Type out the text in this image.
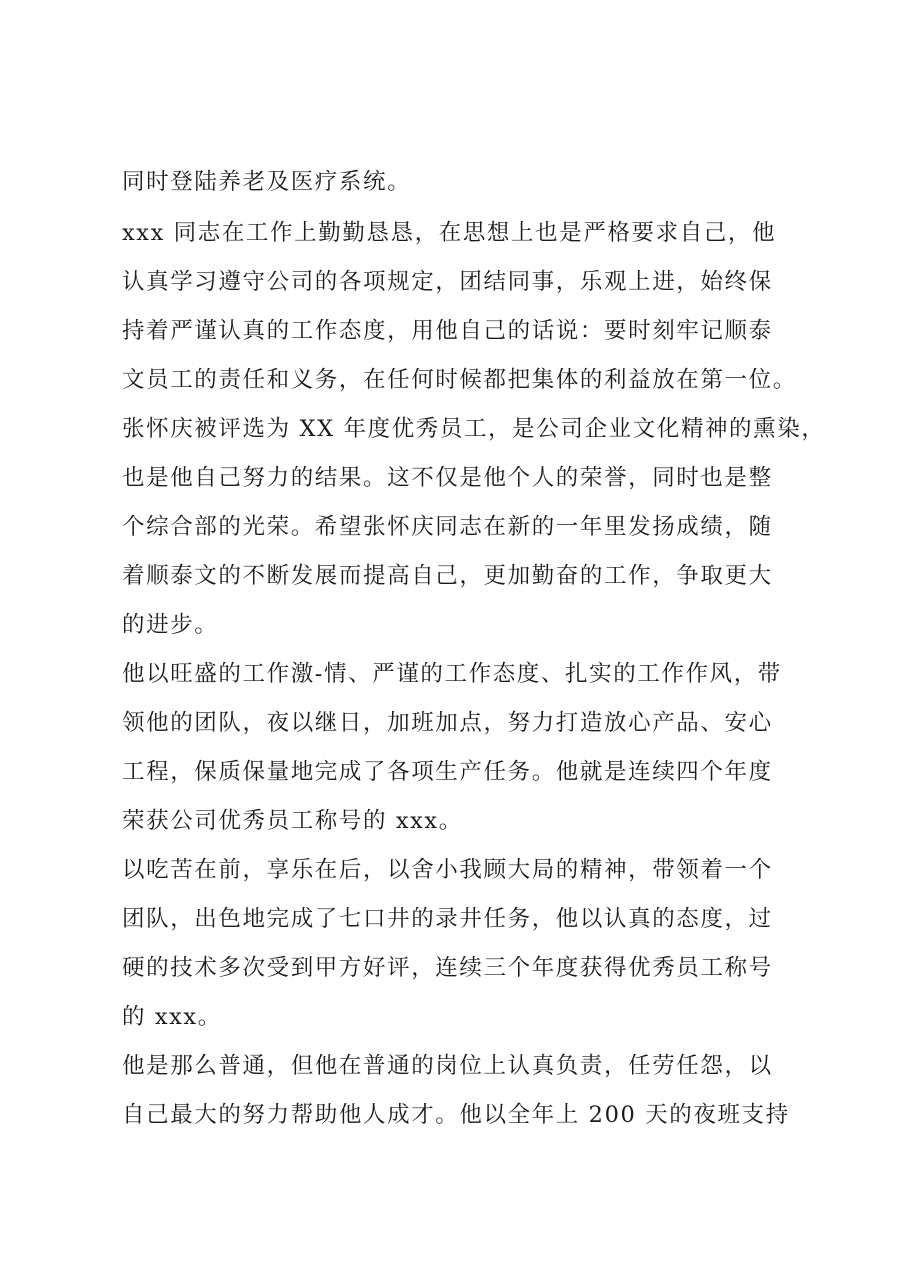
同时登陆养老及医疗系统。
xxx 同志在工作上勤勤恳恳，在思想上也是严格要求自己，他
认真学习遵守公司的各项规定，团结同事，乐观上进，始终保
持着严谨认真的工作态度，用他自己的话说：要时刻牢记顺泰
文员工的责任和义务，在任何时候都把集体的利益放在第一位。
张怀庆被评选为 XX 年度优秀员工，是公司企业文化精神的熏染，
也是他自己努力的结果。这不仅是他个人的荣誉，同时也是整
个综合部的光荣。希望张怀庆同志在新的一年里发扬成绩，随
着顺泰文的不断发展而提高自己，更加勤奋的工作，争取更大
的进步。
他以旺盛的工作激-情、严谨的工作态度、扎实的工作作风，带
领他的团队，夜以继日，加班加点，努力打造放心产品、安心
工程，保质保量地完成了各项生产任务。他就是连续四个年度
荣获公司优秀员工称号的 xxx。
以吃苦在前，享乐在后，以舍小我顾大局的精神，带领着一个
团队，出色地完成了七口井的录井任务，他以认真的态度，过
硬的技术多次受到甲方好评，连续三个年度获得优秀员工称号
的 xxx。
他是那么普通，但他在普通的岗位上认真负责，任劳任怨，以
自己最大的努力帮助他人成才。他以全年上 200 天的夜班支持
